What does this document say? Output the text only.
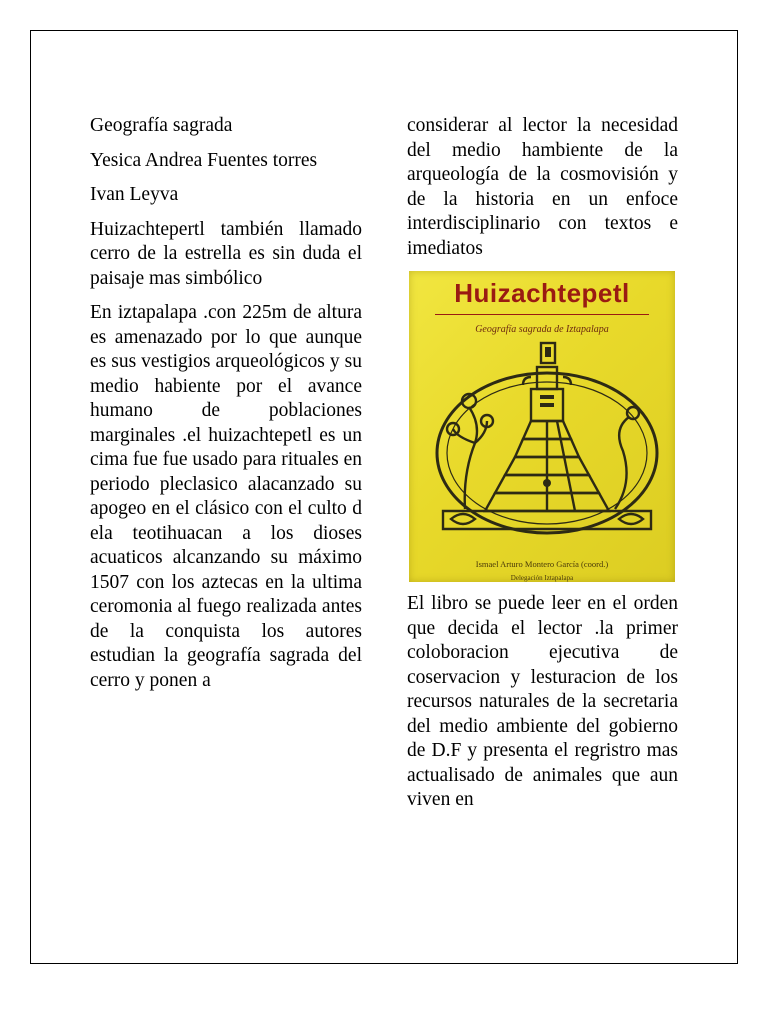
Geografía sagrada

Yesica Andrea Fuentes torres

Ivan Leyva

Huizachtepertl también llamado cerro de la estrella es sin duda el paisaje mas simbólico

En iztapalapa .con 225m de altura es amenazado por lo que aunque es sus vestigios arqueológicos y su medio habiente por el avance humano de poblaciones marginales .el huizachtepetl es un cima fue fue usado para rituales en periodo pleclasico alacanzado su apogeo en el clásico con el culto d ela teotihuacan a los dioses acuaticos alcanzando su máximo 1507 con los aztecas en la ultima ceromonia al fuego realizada antes de la conquista los autores estudian la geografía sagrada del cerro y ponen a

considerar al lector la necesidad del medio hambiente de la arqueología de la cosmovisión y de la historia en un enfoce interdisciplinario con textos e imediatos

Huizachtepetl
Geografía sagrada de Iztapalapa
Ismael Arturo Montero García (coord.)
Delegación Iztapalapa

El libro se puede leer en el orden que decida el lector .la primer coloboracion ejecutiva de coservacion y lesturacion de los recursos naturales de la secretaria del medio ambiente del gobierno de D.F y presenta el regristro mas actualisado de animales que aun viven en
